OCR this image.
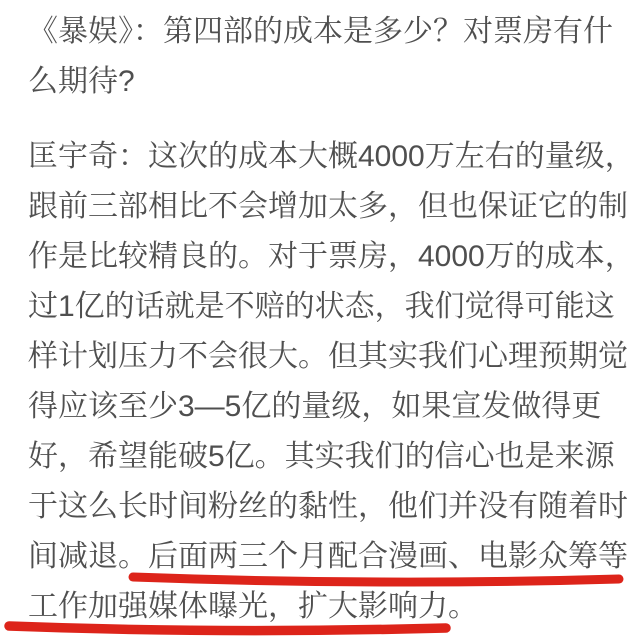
《暴娱》：第四部的成本是多少？对票房有什
么期待?
匡宇奇：这次的成本大概4000万左右的量级，
跟前三部相比不会增加太多，但也保证它的制
作是比较精良的。对于票房，4000万的成本，
过1亿的话就是不赔的状态，我们觉得可能这
样计划压力不会很大。但其实我们心理预期觉
得应该至少3—5亿的量级，如果宣发做得更
好，希望能破5亿。其实我们的信心也是来源
于这么长时间粉丝的黏性，他们并没有随着时
间减退。后面两三个月配合漫画、电影众筹等
工作加强媒体曝光，扩大影响力。
